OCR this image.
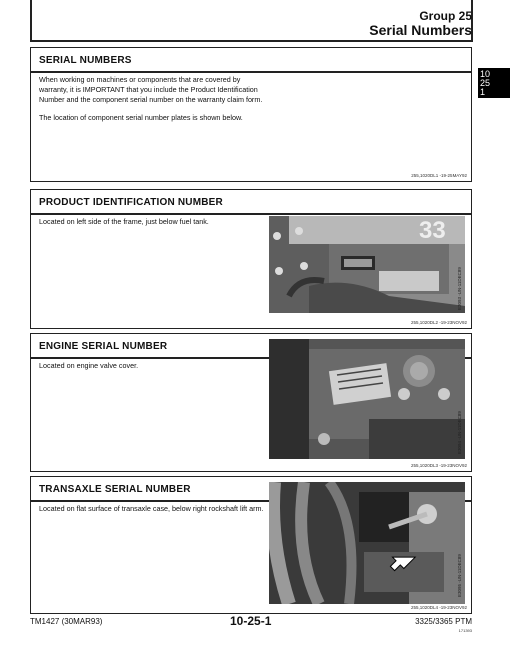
Group 25
Serial Numbers
10
25
1
SERIAL NUMBERS

When working on machines or components that are covered by warranty, it is IMPORTANT that you include the Product Identification Number and the component serial number on the warranty claim form.

The location of component serial number plates is shown below.

255,1020DL1 -19-25MAY92
PRODUCT IDENTIFICATION NUMBER

Located on left side of the frame, just below fuel tank.	33
E3093 -UN-11DEC89
255,1020DL2 -19-23NOV92
ENGINE SERIAL NUMBER

Located on engine valve cover.

E3094 -UN-11DEC89
255,1020DL3 -19-23NOV92
TRANSAXLE SERIAL NUMBER

Located on flat surface of transaxle case, below right rockshaft lift arm.

E3095 -UN-11DEC89
255,1020DL4 -19-23NOV92
TM1427 (30MAR93)	10-25-1	3325/3365 PTM
171393
